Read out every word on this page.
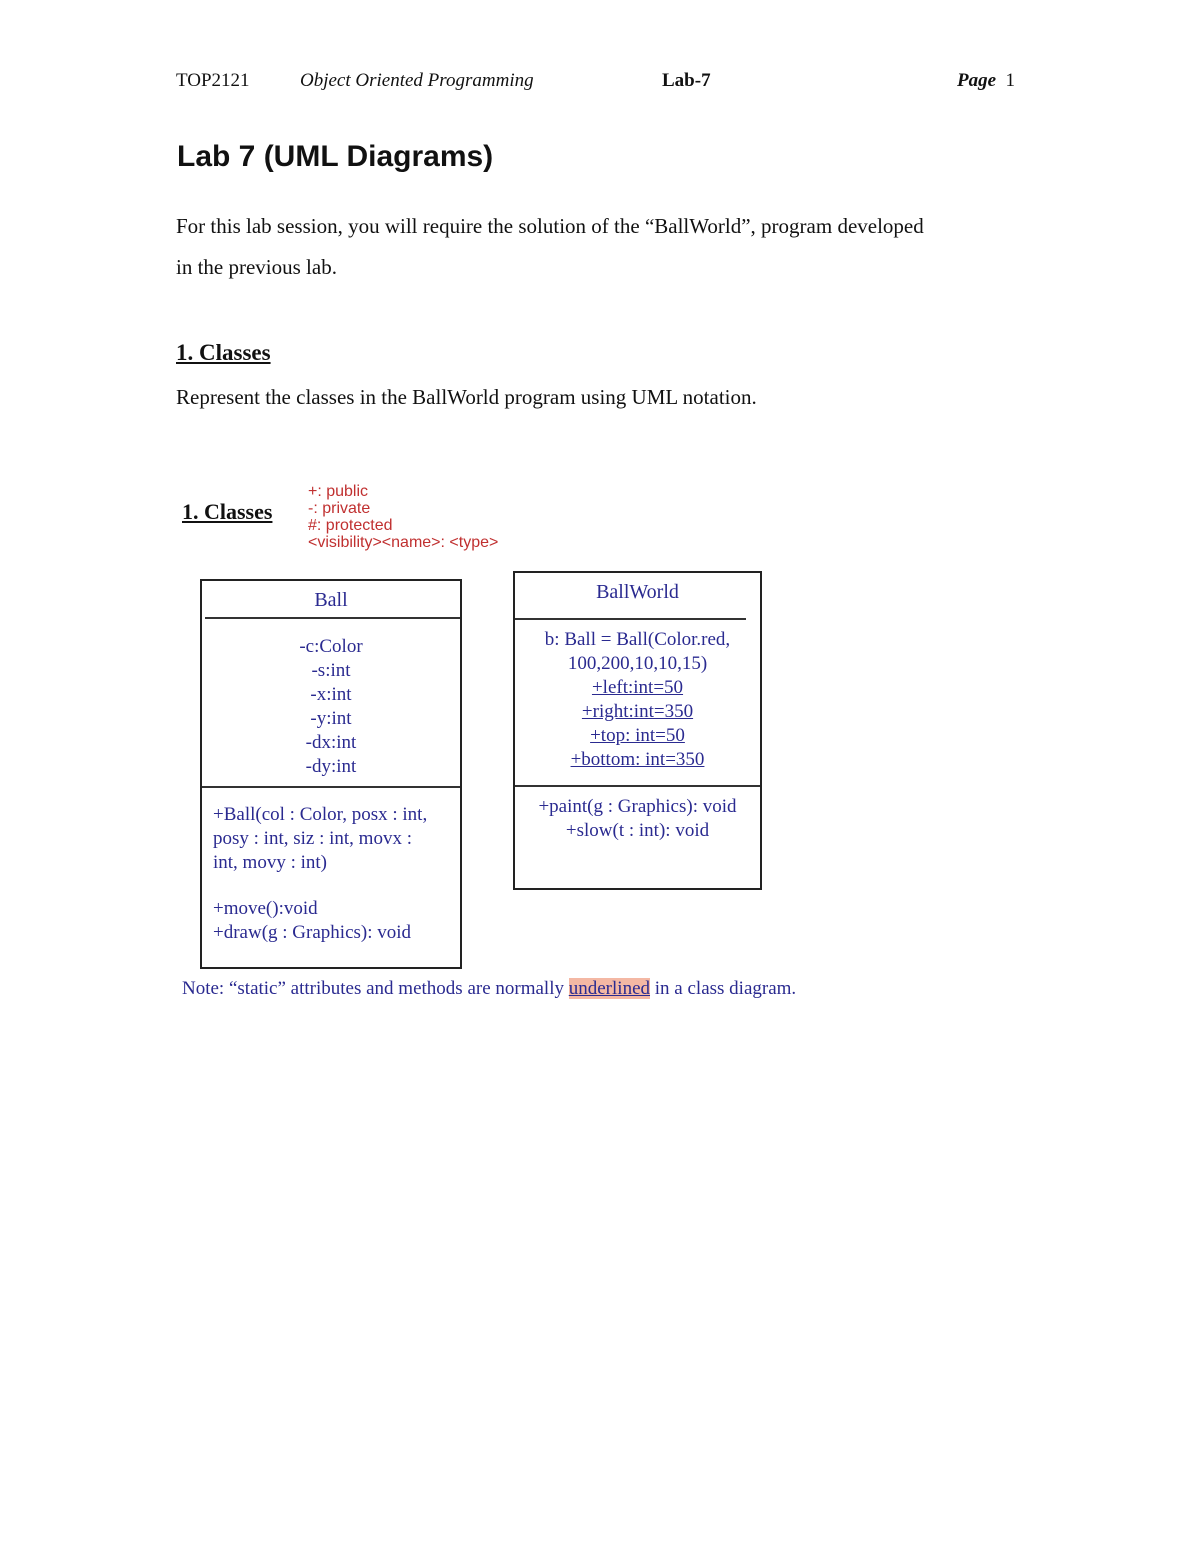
TOP2121	Object Oriented Programming	Lab-7	Page 1
Lab 7 (UML Diagrams)
For this lab session, you will require the solution of the “BallWorld”, program developed
in the previous lab.
1. Classes
Represent the classes in the BallWorld program using UML notation.
1. Classes
+: public
-: private
#: protected
<visibility><name>: <type>
Ball
-c:Color
-s:int
-x:int
-y:int
-dx:int
-dy:int
+Ball(col : Color, posx : int,
posy : int, siz : int, movx :
int, movy : int)
+move():void
+draw(g : Graphics): void
BallWorld
b: Ball = Ball(Color.red,
100,200,10,10,15)
+left:int=50
+right:int=350
+top: int=50
+bottom: int=350
+paint(g : Graphics): void
+slow(t : int): void
Note: “static” attributes and methods are normally underlined in a class diagram.
